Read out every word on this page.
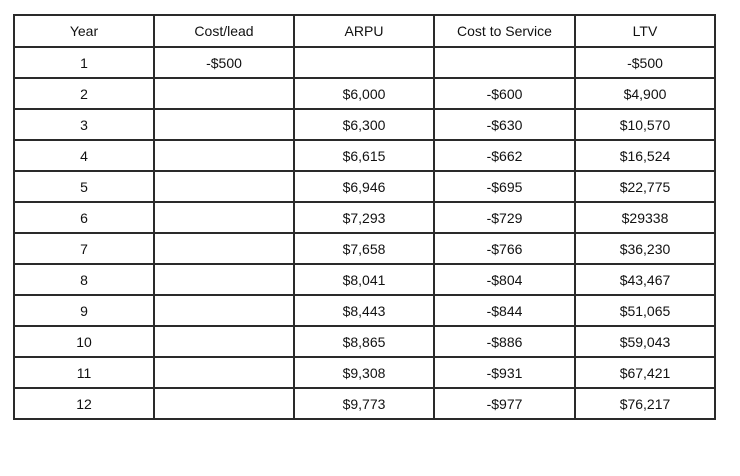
Year	Cost/lead	ARPU	Cost to Service	LTV
1	-$500			-$500
2		$6,000	-$600	$4,900
3		$6,300	-$630	$10,570
4		$6,615	-$662	$16,524
5		$6,946	-$695	$22,775
6		$7,293	-$729	$29338
7		$7,658	-$766	$36,230
8		$8,041	-$804	$43,467
9		$8,443	-$844	$51,065
10		$8,865	-$886	$59,043
11		$9,308	-$931	$67,421
12		$9,773	-$977	$76,217
